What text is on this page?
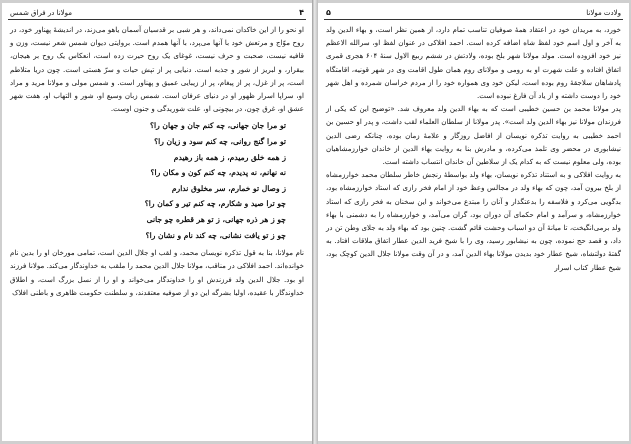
۴
مولانا در فراق شمس

او نحو را از این خاکدان نمی‌داند، و هر شبی بر قدسیان آسمان یاهو می‌زند، در اندیشهٔ پهناور خود، در روح موّاج و مرتعش خود با آنها می‌پرد، با آنها همدم است. بروایتی دیوان شمس شعر نیست، وزن و قافیه نیست، صحبت و حرف نیست، غوغای یک روح حیرت زده است، انعکاس یک روح بر هیجان، بیقرار، و لبریز از شور و جذبه است. دنیایی پر از تپش حیات و سرّ هستی است. چون دریا متلاطم است، پر از غزل، پر از پیغام، پر از زیبایی عمیق و پهناور است. و شمس مولی و مولانا مرید و مراد او، سراپا اسرار ظهور او در دنیای عرفان است. شمس زبان وسیع او، شور و التهاب او، هفت شهر عشق او، غرق چون، در بیچونی او، علت شوریدگی و جنون اوست.

تو مرا جان جهانی، چه کنم جان و جهان را؟
تو مرا گنج روانی، چه کنم سود و زیان را؟
ز همه خلق رمیدم، ز همه باز رهیدم
نه نهانم، نه پدیدم، چه کنم کون و مکان را؟
ز وصال تو خمارم، سر مخلوق ندارم
چو ترا صید و شکارم، چه کنم تیر و کمان را؟
چو ز هر ذره جهانی، ز تو هر قطره چو جانی
چو ز تو یافت نشانی، چه کند نام و نشان را؟

نام مولانا، بنا به قول تذکره نویسان محمد، و لقب او جلال الدین است، تمامی مورخان او را بدین نام خوانده‌اند. احمد افلاکی در مناقب، مولانا جلال الدین محمد را ملقب به خداوندگار می‌کند. مولانا فرزند او بود. جلال الدین ولد فرزندش او را خداوندگار می‌خواند و او را از نسل بزرگ است، و اطلاق خداوندگار با عقیده، اولیا بشرگه این دو از صوفیه معتقدند، و سلطنت حکومت ظاهری و باطنی افلاک

۵	ولادت مولانا

خورد، به مریدان خود در اعتقاد همهٔ صوفیان تناسب تمام دارد، از همین نظر است، و بهاء الدین ولد به آخر و اول اسم خود لفظ شاه اضافه کرده است. احمد افلاکی در عنوان لفظ او، سرالله الاعظم نیز خود افزوده است. مولد مولانا شهر بلخ بوده، ولادتش در ششم ربیع الاول سنهٔ ۶۰۴ هجری قمری اتفاق افتاده و علت شهرت او به رومی و مولانای روم همان طول اقامت وی در شهر قونیه، اقامتگاه پادشاهان سلاجقهٔ روم بوده است، لیکن خود وی همواره خود را از مردم خراسان شمرده و اهل شهر خود را دوست داشته و از یاد آن فارغ نبوده است.

پدر مولانا محمد بن حسین خطیبی است که به بهاء الدین ولد معروف شد. «توضیح این که یکی از فرزندان مولانا نیز بهاء الدین ولد است». پدر مولانا از سلطان العلماء لقب داشت، و پدر او حسین بن احمد خطیبی به روایت تذکره نویسان از افاضل روزگار و علامهٔ زمان بوده، چنانکه رضی الدین نیشابوری در محضر وی تلمذ می‌کرده، و مادرش بنا به روایت بهاء الدین از خاندان خوارزمشاهیان بوده، ولی معلوم نیست که به کدام یک از سلاطین آن خاندان انتساب داشته است.

به روایت افلاکی و به استناد تذکره نویسان، بهاء ولد بواسطهٔ رنجش خاطر سلطان محمد خوارزمشاه از بلخ بیرون آمد، چون که بهاء ولد در مجالس وعظ خود از امام فخر رازی که استاد خوارزمشاه بود، بدگویی می‌کرد و فلاسفه را بدعتگذار و آنان را مبتدع می‌خواند و این سخنان به فخر رازی که استاد خوارزمشاه، و سرآمد و امام حکمای آن دوران بود، گران می‌آمد، و خوارزمشاه را به دشمنی با بهاء ولد برمی‌انگیخت، تا میانهٔ آن دو اسباب وحشت قائم گشت. چنین بود که بهاء ولد به جلای وطن تن در داد، و قصد حج نموده، چون به نیشابور رسید، وی را با شیخ فرید الدین عطار اتفاق ملاقات افتاد. به گفتهٔ دولتشاه، شیخ عطار خود بدیدن مولانا بهاء الدین آمد، و در آن وقت مولانا جلال الدین کوچک بود، شیخ عطار کتاب اسرار
